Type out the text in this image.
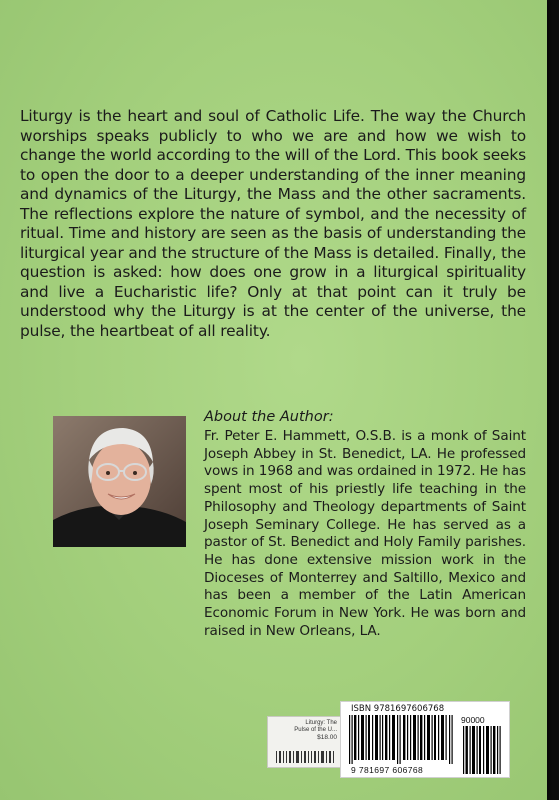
Liturgy is the heart and soul of Catholic Life. The way the Church worships speaks publicly to who we are and how we wish to change the world according to the will of the Lord. This book seeks to open the door to a deeper understanding of the inner meaning and dynamics of the Liturgy, the Mass and the other sacraments. The reflections explore the nature of symbol, and the necessity of ritual. Time and history are seen as the basis of understanding the liturgical year and the structure of the Mass is detailed. Finally, the question is asked: how does one grow in a liturgical spirituality and live a Eucharistic life? Only at that point can it truly be understood why the Liturgy is at the center of the universe, the pulse, the heartbeat of all reality.

About the Author:

Fr. Peter E. Hammett, O.S.B. is a monk of Saint Joseph Abbey in St. Benedict, LA. He professed vows in 1968 and was ordained in 1972. He has spent most of his priestly life teaching in the Philosophy and Theology departments of Saint Joseph Seminary College. He has served as a pastor of St. Benedict and Holy Family parishes. He has done extensive mission work in the Dioceses of Monterrey and Saltillo, Mexico and has been a member of the Latin American Economic Forum in New York. He was born and raised in New Orleans, LA.

Liturgy: The
Pulse of the U...

$18.00
ISBN 9781697606768
90000
9 781697 606768
